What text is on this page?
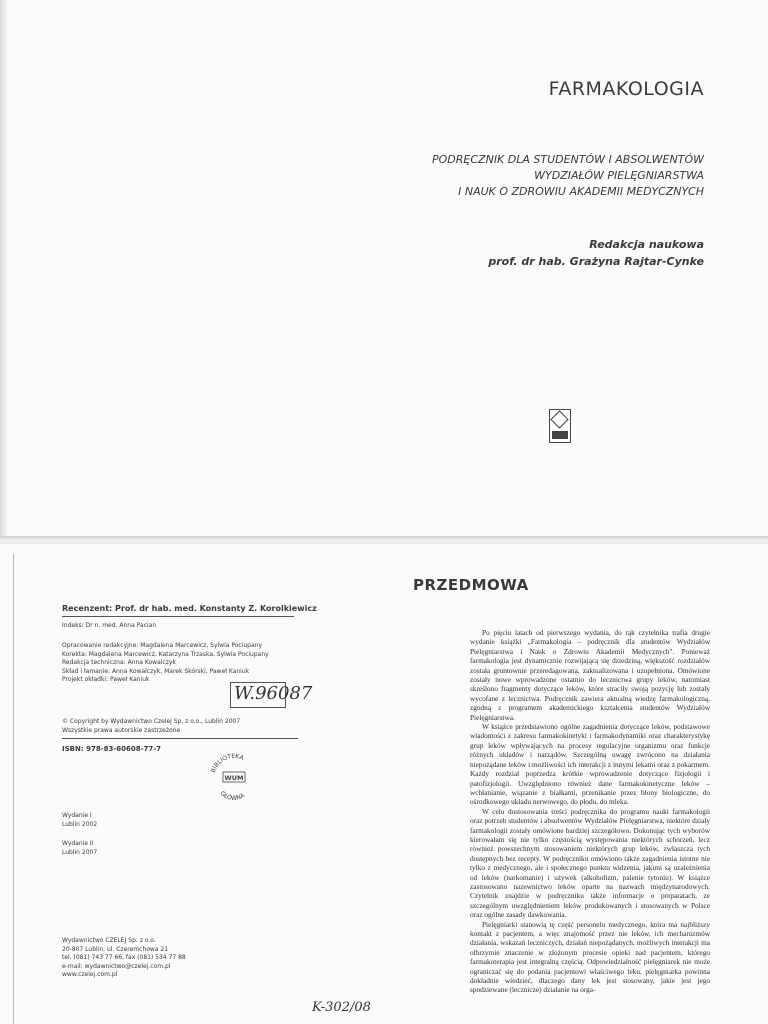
FARMAKOLOGIA
PODRĘCZNIK DLA STUDENTÓW I ABSOLWENTÓW
WYDZIAŁÓW PIELĘGNIARSTWA
I NAUK O ZDROWIU AKADEMII MEDYCZNYCH
Redakcja naukowa
prof. dr hab. Grażyna Rajtar-Cynke
Recenzent: Prof. dr hab. med. Konstanty Z. Korolkiewicz
Indeks: Dr n. med. Anna Pacian
Opracowanie redakcyjne: Magdalena Marcewicz, Sylwia Pociupany
Korekta: Magdalena Marcewicz, Katarzyna Trzaska, Sylwia Pociupany
Redakcja techniczna: Anna Kowalczyk
Skład i łamanie: Anna Kowalczyk, Marek Skórski, Paweł Kaniuk
Projekt okładki: Paweł Kaniuk
W.96087
© Copyright by Wydawnictwo Czelej Sp. z o.o., Lublin 2007
Wszystkie prawa autorskie zastrzeżone
ISBN: 978-83-60608-77-7
BIBLIOTEKA
WUM
GŁÓWNA
Wydanie I
Lublin 2002
Wydanie II
Lublin 2007
Wydawnictwo CZELEJ Sp. z o.o.
20-807 Lublin, ul. Czeremchowa 21
tel. (081) 743 77 66, fax (081) 534 77 88
e-mail: wydawnictwo@czelej.com.pl
www.czelej.com.pl
K-302/08
PRZEDMOWA

Po pięciu latach od pierwszego wydania, do rąk czytelnika trafia drugie wydanie książki „Farmakologia – podręcznik dla studentów Wydziałów Pielęgniarstwa i Nauk o Zdrowiu Akademii Medycznych". Ponieważ farmakologia jest dynamicznie rozwijającą się dziedziną, większość rozdziałów została gruntownie przeredagowana, zaktualizowana i uzupełniona. Omówione zostały nowe wprowadzone ostatnio do lecznictwa grupy leków, natomiast skreślono fragmenty dotyczące leków, które straciły swoją pozycję lub zostały wycofane z lecznictwa. Podręcznik zawiera aktualną wiedzę farmakologiczną, zgodną z programem akademickiego kształcenia studentów Wydziałów Pielęgniarstwa.

W książce przedstawiono ogólne zagadnienia dotyczące leków, podstawowe wiadomości z zakresu farmakokinetyki i farmakodynamiki oraz charakterystykę grup leków wpływających na procesy regulacyjne organizmu oraz funkcje różnych układów i narządów. Szczególną uwagę zwrócono na działania niepożądane leków i możliwości ich interakcji z innymi lekami oraz z pokarmem. Każdy rozdział poprzedza krótkie wprowadzenie dotyczące fizjologii i patofizjologii. Uwzględniono również dane farmakokinetyczne leków – wchłanianie, wiązanie z białkami, przenikanie przez błony biologiczne, do ośrodkowego układu nerwowego, do płodu, do mleka.

W celu dostosowania treści podręcznika do programu nauki farmakologii oraz potrzeb studentów i absolwentów Wydziałów Pielęgniarstwa, niektóre działy farmakologii zostały omówione bardziej szczegółowo. Dokonując tych wyborów kierowałam się nie tylko częstością występowania niektórych schorzeń, lecz również powszechnym stosowaniem niektórych grup leków, zwłaszcza tych dostępnych bez recepty. W podręczniku omówiono także zagadnienia istotne nie tylko z medycznego, ale i społecznego punktu widzenia, jakimi są uzależnienia od leków (narkomanie) i używek (alkoholizm, palenie tytoniu). W książce zastosowano nazewnictwo leków oparte na nazwach międzynarodowych. Czytelnik znajdzie w podręczniku także informacje o preparatach, ze szczególnym uwzględnieniem leków produkowanych i stosowanych w Polsce oraz ogólne zasady dawkowania.

Pielęgniarki stanowią tę część personelu medycznego, która ma najbliższy kontakt z pacjentem, a więc znajomość przez nie leków, ich mechanizmów działania, wskazań leczniczych, działań niepożądanych, możliwych interakcji ma olbrzymie znaczenie w złożonym procesie opieki nad pacjentem, którego farmakoterapia jest integralną częścią. Odpowiedzialność pielęgniarek nie może ograniczać się do podania pacjentowi właściwego leku, pielęgniarka powinna dokładnie wiedzieć, dlaczego dany lek jest stosowany, jakie jest jego spodziewane (lecznicze) działanie na orga-
